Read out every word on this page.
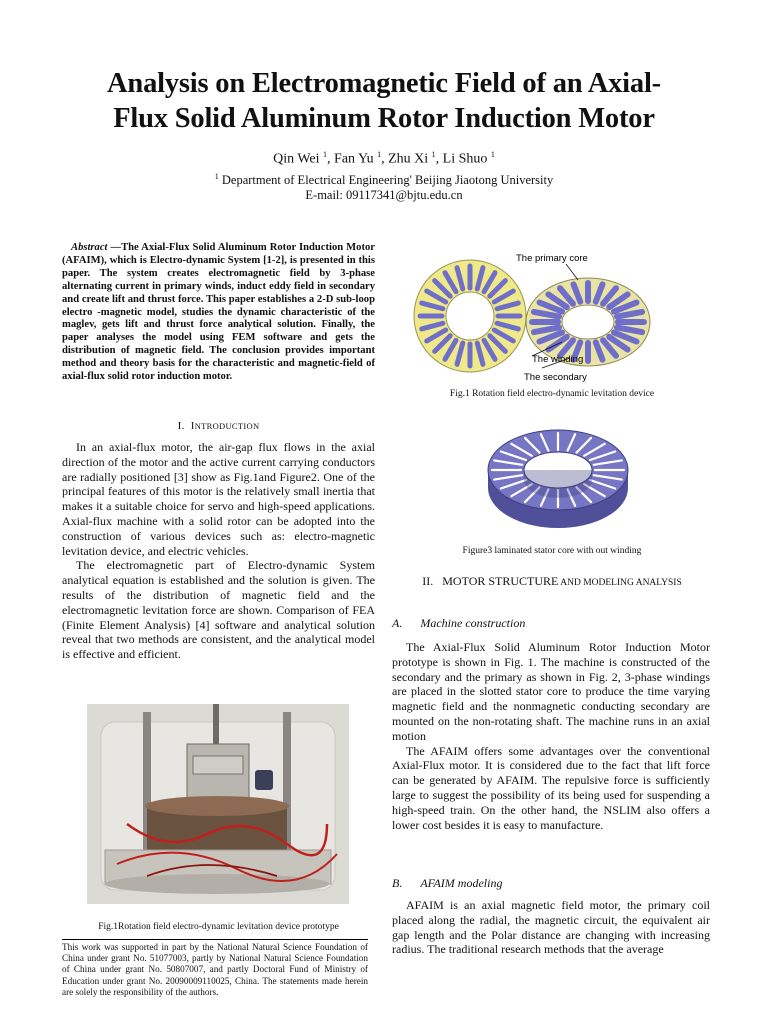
Analysis on Electromagnetic Field of an Axial-
Flux Solid Aluminum Rotor Induction Motor
Qin Wei $^1$, Fan Yu $^1$, Zhu Xi $^1$, Li Shuo $^1$
$^1$ Department of Electrical Engineering' Beijing Jiaotong University
E-mail: 09117341@bjtu.edu.cn
Abstract —The Axial-Flux Solid Aluminum Rotor Induction Motor (AFAIM), which is Electro-dynamic System [1-2], is presented in this paper. The system creates electromagnetic field by 3-phase alternating current in primary winds, induct eddy field in secondary and create lift and thrust force. This paper establishes a 2-D sub-loop electro -magnetic model, studies the dynamic characteristic of the maglev, gets lift and thrust force analytical solution. Finally, the paper analyses the model using FEM software and gets the distribution of magnetic field. The conclusion provides important method and theory basis for the characteristic and magnetic-field of axial-flux solid rotor induction motor.
I. INTRODUCTION

In an axial-flux motor, the air-gap flux flows in the axial direction of the motor and the active current carrying conductors are radially positioned [3] show as Fig.1and Figure2. One of the principal features of this motor is the relatively small inertia that makes it a suitable choice for servo and high-speed applications. Axial-flux machine with a solid rotor can be adopted into the construction of various devices such as: electro-magnetic levitation device, and electric vehicles.

The electromagnetic part of Electro-dynamic System analytical equation is established and the solution is given. The results of the distribution of magnetic field and the electromagnetic levitation force are shown. Comparison of FEA (Finite Element Analysis) [4] software and analytical solution reveal that two methods are consistent, and the analytical model is effective and efficient.

Fig.1Rotation field electro-dynamic levitation device prototype
This work was supported in part by the National Natural Science Foundation of China under grant No. 51077003, partly by National Natural Science Foundation of China under grant No. 50807007, and partly Doctoral Fund of Ministry of Education under grant No. 20090009110025, China. The statements made herein are solely the responsibility of the authors.
The primary core
The winding
The secondary
Fig.1 Rotation field electro-dynamic levitation device
Figure3 laminated stator core with out winding
II. MOTOR STRUCTURE AND MODELING ANALYSIS
A. Machine construction

The Axial-Flux Solid Aluminum Rotor Induction Motor prototype is shown in Fig. 1. The machine is constructed of the secondary and the primary as shown in Fig. 2, 3-phase windings are placed in the slotted stator core to produce the time varying magnetic field and the nonmagnetic conducting secondary are mounted on the non-rotating shaft. The machine runs in an axial motion

The AFAIM offers some advantages over the conventional Axial-Flux motor. It is considered due to the fact that lift force can be generated by AFAIM. The repulsive force is sufficiently large to suggest the possibility of its being used for suspending a high-speed train. On the other hand, the NSLIM also offers a lower cost besides it is easy to manufacture.

B. AFAIM modeling

AFAIM is an axial magnetic field motor, the primary coil placed along the radial, the magnetic circuit, the equivalent air gap length and the Polar distance are changing with increasing radius. The traditional research methods that the average
